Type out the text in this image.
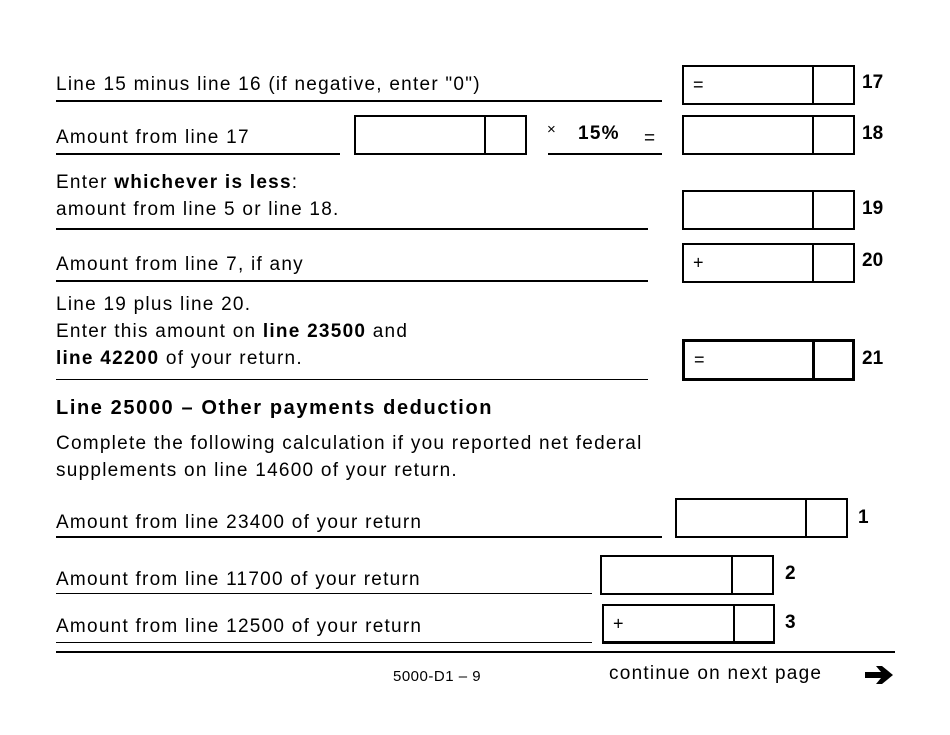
Line 15 minus line 16 (if negative, enter "0")	=	17
Amount from line 17	× 15% =	18
Enter whichever is less:
amount from line 5 or line 18.	19
Amount from line 7, if any	+	20
Line 19 plus line 20.
Enter this amount on line 23500 and
line 42200 of your return.	=	21
Line 25000 – Other payments deduction
Complete the following calculation if you reported net federal
supplements on line 14600 of your return.
Amount from line 23400 of your return	1
Amount from line 11700 of your return	2
Amount from line 12500 of your return	+	3
5000-D1 – 9	continue on next page
